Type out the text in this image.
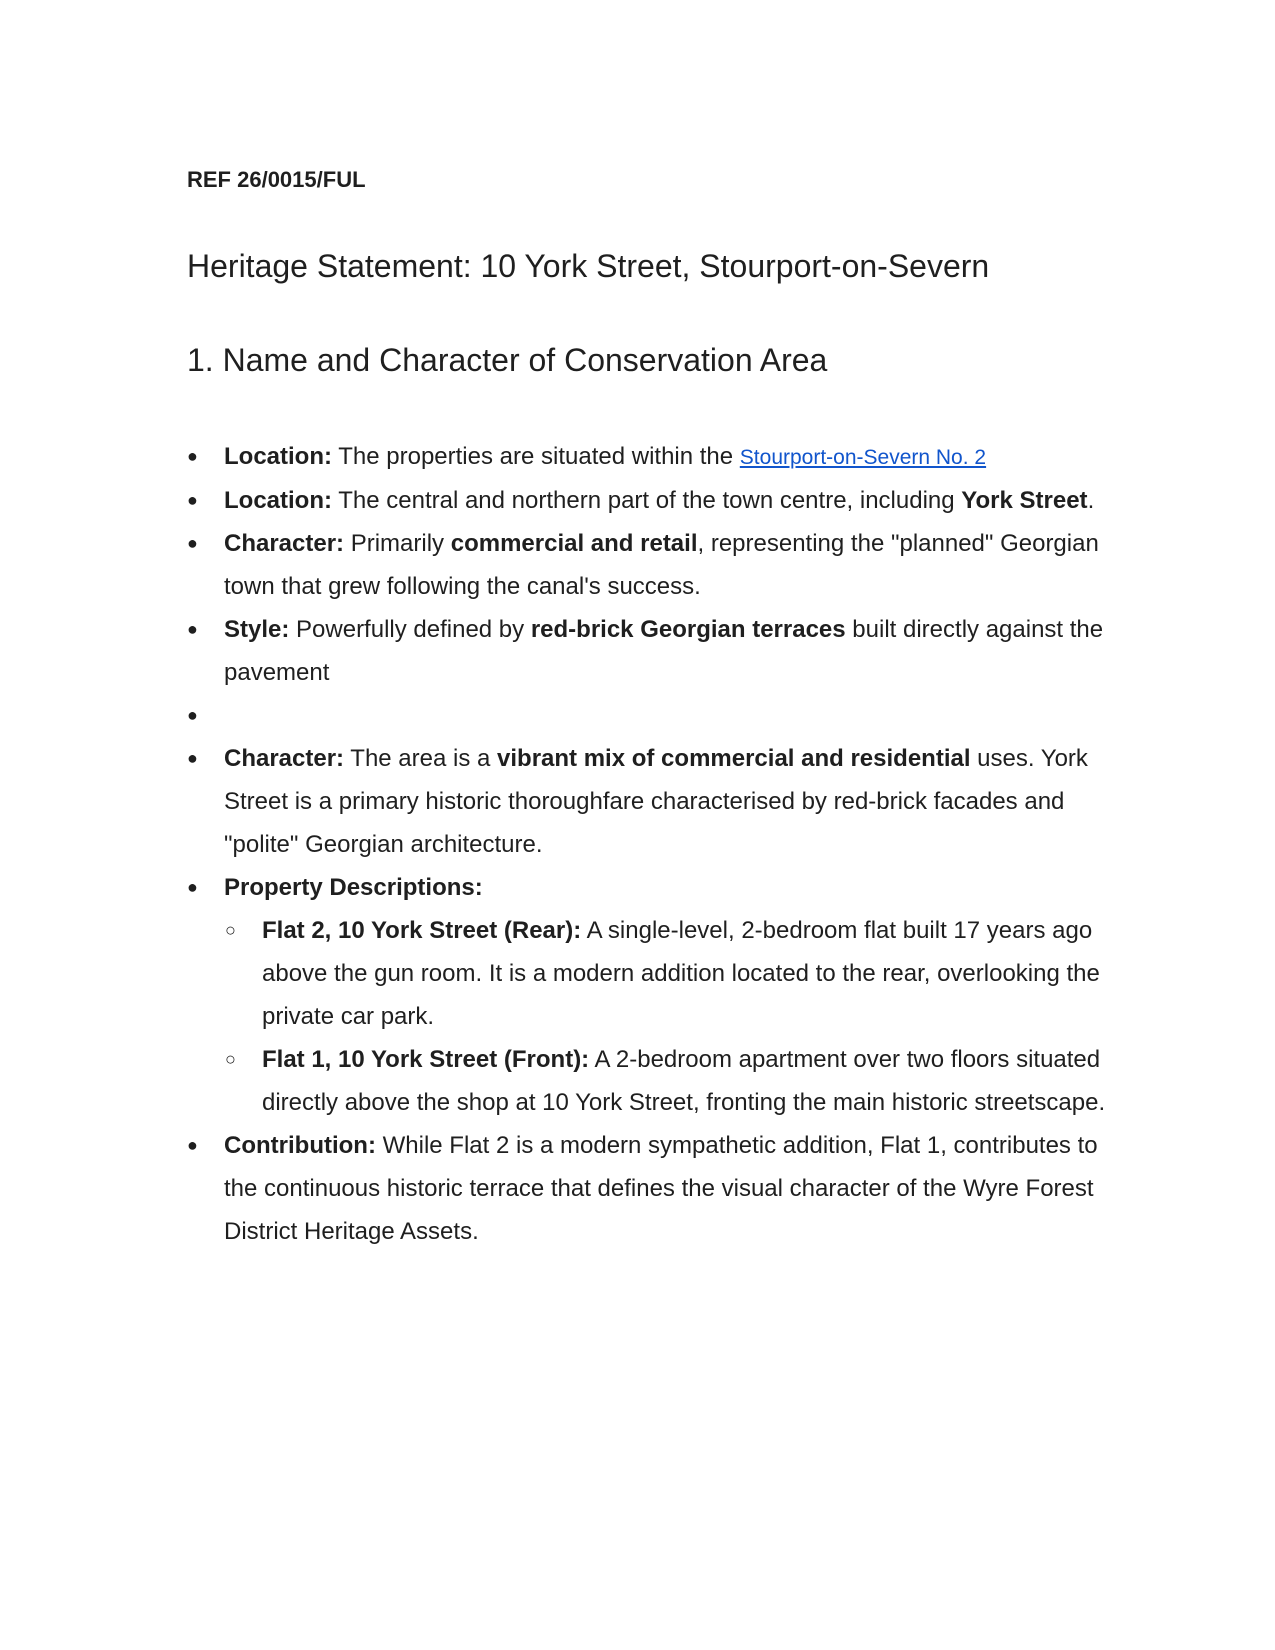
REF 26/0015/FUL
Heritage Statement: 10 York Street, Stourport-on-Severn
1. Name and Character of Conservation Area
● Location: The properties are situated within the Stourport-on-Severn No. 2
● Location: The central and northern part of the town centre, including York Street.
● Character: Primarily commercial and retail, representing the "planned" Georgian town that grew following the canal's success.
● Style: Powerfully defined by red-brick Georgian terraces built directly against the pavement
●
● Character: The area is a vibrant mix of commercial and residential uses. York Street is a primary historic thoroughfare characterised by red-brick facades and "polite" Georgian architecture.
● Property Descriptions:
○ Flat 2, 10 York Street (Rear): A single-level, 2-bedroom flat built 17 years ago above the gun room. It is a modern addition located to the rear, overlooking the private car park.
○ Flat 1, 10 York Street (Front): A 2-bedroom apartment over two floors situated directly above the shop at 10 York Street, fronting the main historic streetscape.
● Contribution: While Flat 2 is a modern sympathetic addition, Flat 1, contributes to the continuous historic terrace that defines the visual character of the Wyre Forest District Heritage Assets.
